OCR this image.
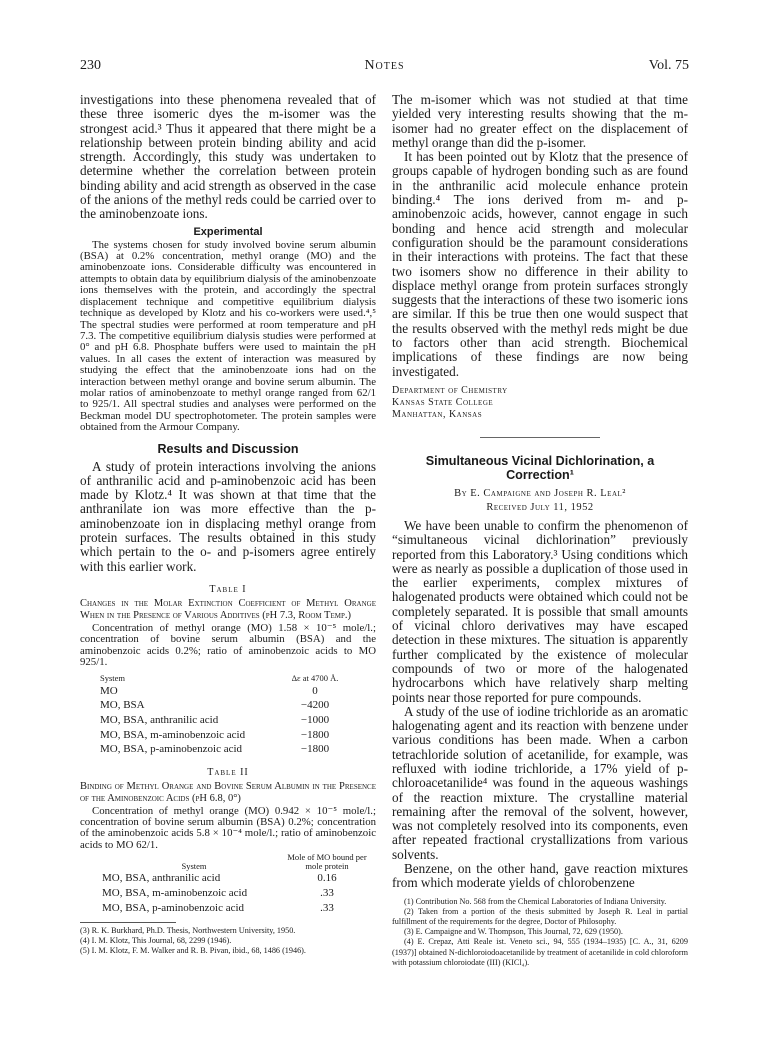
230	Notes	Vol. 75

investigations into these phenomena revealed that of these three isomeric dyes the m-isomer was the strongest acid.³ Thus it appeared that there might be a relationship between protein binding ability and acid strength. Accordingly, this study was undertaken to determine whether the correlation between protein binding ability and acid strength as observed in the case of the anions of the methyl reds could be carried over to the aminobenzoate ions.

Experimental

The systems chosen for study involved bovine serum albumin (BSA) at 0.2% concentration, methyl orange (MO) and the aminobenzoate ions. Considerable difficulty was encountered in attempts to obtain data by equilibrium dialysis of the aminobenzoate ions themselves with the protein, and accordingly the spectral displacement technique and competitive equilibrium dialysis technique as developed by Klotz and his co-workers were used.⁴,⁵ The spectral studies were performed at room temperature and pH 7.3. The competitive equilibrium dialysis studies were performed at 0° and pH 6.8. Phosphate buffers were used to maintain the pH values. In all cases the extent of interaction was measured by studying the effect that the aminobenzoate ions had on the interaction between methyl orange and bovine serum albumin. The molar ratios of aminobenzoate to methyl orange ranged from 62/1 to 925/1. All spectral studies and analyses were performed on the Beckman model DU spectrophotometer. The protein samples were obtained from the Armour Company.

Results and Discussion

A study of protein interactions involving the anions of anthranilic acid and p-aminobenzoic acid has been made by Klotz.⁴ It was shown at that time that the anthranilate ion was more effective than the p-aminobenzoate ion in displacing methyl orange from protein surfaces. The results obtained in this study which pertain to the o- and p-isomers agree entirely with this earlier work.

Table I

Changes in the Molar Extinction Coefficient of Methyl Orange When in the Presence of Various Additives (pH 7.3, Room Temp.)

Concentration of methyl orange (MO) 1.58 × 10⁻⁵ mole/l.; concentration of bovine serum albumin (BSA) and the aminobenzoic acids 0.2%; ratio of aminobenzoic acids to MO 925/1.

System	Δε at 4700 Å.
MO	0
MO, BSA	−4200
MO, BSA, anthranilic acid	−1000
MO, BSA, m-aminobenzoic acid	−1800
MO, BSA, p-aminobenzoic acid	−1800
Table II

Binding of Methyl Orange and Bovine Serum Albumin in the Presence of the Aminobenzoic Acids (pH 6.8, 0°)

Concentration of methyl orange (MO) 0.942 × 10⁻⁵ mole/l.; concentration of bovine serum albumin (BSA) 0.2%; concentration of the aminobenzoic acids 5.8 × 10⁻⁴ mole/l.; ratio of aminobenzoic acids to MO 62/1.

System	Mole of MO bound per mole protein
MO, BSA, anthranilic acid	0.16
MO, BSA, m-aminobenzoic acid	.33
MO, BSA, p-aminobenzoic acid	.33

(3) R. K. Burkhard, Ph.D. Thesis, Northwestern University, 1950.

(4) I. M. Klotz, This Journal, 68, 2299 (1946).

(5) I. M. Klotz, F. M. Walker and R. B. Pivan, ibid., 68, 1486 (1946).

The m-isomer which was not studied at that time yielded very interesting results showing that the m-isomer had no greater effect on the displacement of methyl orange than did the p-isomer.

It has been pointed out by Klotz that the presence of groups capable of hydrogen bonding such as are found in the anthranilic acid molecule enhance protein binding.⁴ The ions derived from m- and p-aminobenzoic acids, however, cannot engage in such bonding and hence acid strength and molecular configuration should be the paramount considerations in their interactions with proteins. The fact that these two isomers show no difference in their ability to displace methyl orange from protein surfaces strongly suggests that the interactions of these two isomeric ions are similar. If this be true then one would suspect that the results observed with the methyl reds might be due to factors other than acid strength. Biochemical implications of these findings are now being investigated.

Department of Chemistry
Kansas State College
Manhattan, Kansas
Simultaneous Vicinal Dichlorination, a Correction¹
By E. Campaigne and Joseph R. Leal²
Received July 11, 1952

We have been unable to confirm the phenomenon of “simultaneous vicinal dichlorination” previously reported from this Laboratory.³ Using conditions which were as nearly as possible a duplication of those used in the earlier experiments, complex mixtures of halogenated products were obtained which could not be completely separated. It is possible that small amounts of vicinal chloro derivatives may have escaped detection in these mixtures. The situation is apparently further complicated by the existence of molecular compounds of two or more of the halogenated hydrocarbons which have relatively sharp melting points near those reported for pure compounds.

A study of the use of iodine trichloride as an aromatic halogenating agent and its reaction with benzene under various conditions has been made. When a carbon tetrachloride solution of acetanilide, for example, was refluxed with iodine trichloride, a 17% yield of p-chloroacetanilide⁴ was found in the aqueous washings of the reaction mixture. The crystalline material remaining after the removal of the solvent, however, was not completely resolved into its components, even after repeated fractional crystallizations from various solvents.

Benzene, on the other hand, gave reaction mixtures from which moderate yields of chlorobenzene

(1) Contribution No. 568 from the Chemical Laboratories of Indiana University.

(2) Taken from a portion of the thesis submitted by Joseph R. Leal in partial fulfillment of the requirements for the degree, Doctor of Philosophy.

(3) E. Campaigne and W. Thompson, This Journal, 72, 629 (1950).

(4) E. Crepaz, Atti Reale ist. Veneto sci., 94, 555 (1934–1935) [C. A., 31, 6209 (1937)] obtained N-dichloroiodoacetanilide by treatment of acetanilide in cold chloroform with potassium chloroiodate (III) (KICl₄).
